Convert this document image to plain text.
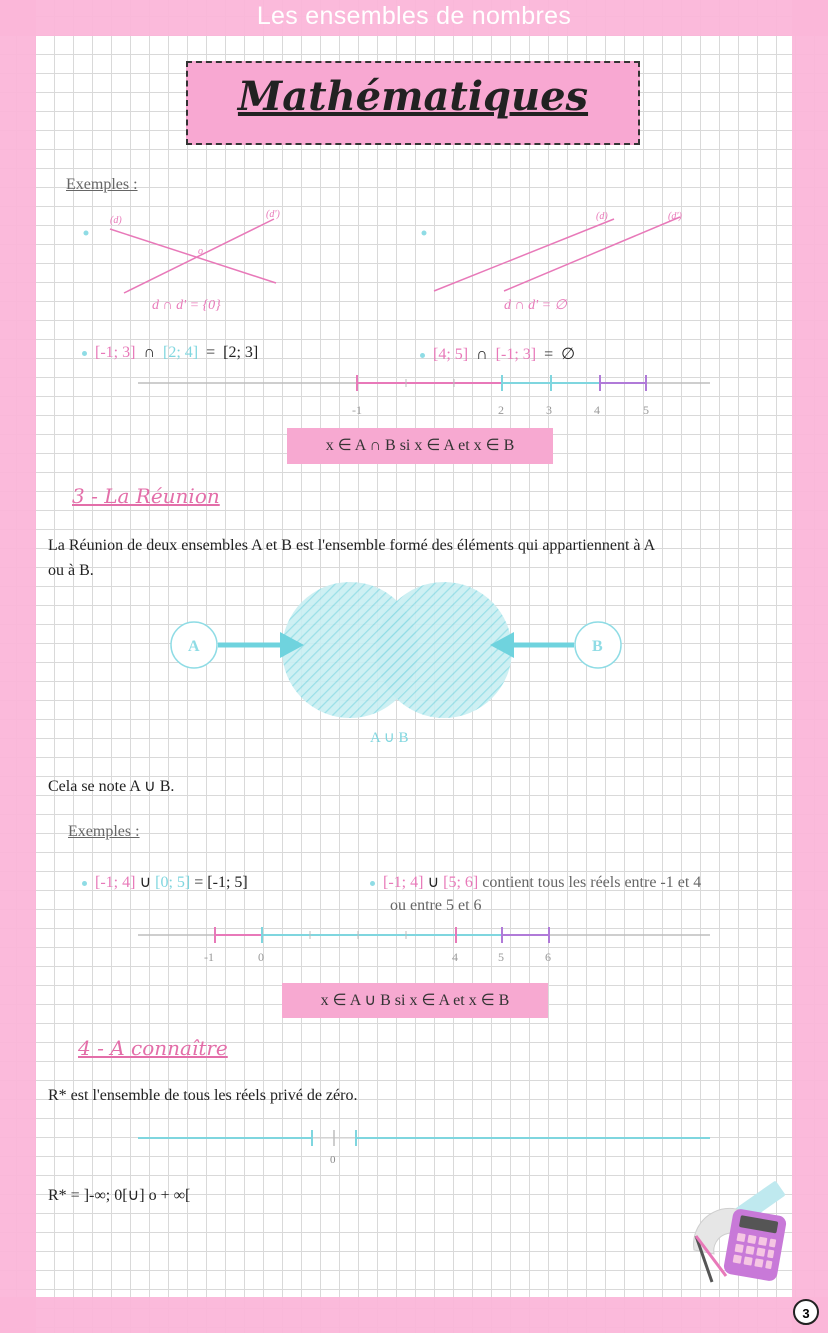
Les ensembles de nombres
Mathématiques
Exemples :
(d)
(d')
o
d ∩ d' = {0}
(d)	(d')
d ∩ d' = ∅
[-1; 3] ∩ [2; 4] = [2; 3]	[4; 5] ∩ [-1; 3] = ∅
-1	2	3	4	5
x ∈ A ∩ B si x ∈ A et x ∈ B
3 - La Réunion
La Réunion de deux ensembles A et B est l'ensemble formé des éléments qui appartiennent à A
ou à B.
A	B
A ∪ B
Cela se note A ∪ B.
Exemples :
[-1; 4] ∪ [0; 5] = [-1; 5]	[-1; 4] ∪ [5; 6] contient tous les réels entre -1 et 4
ou entre 5 et 6
-1	0	4	5	6
x ∈ A ∪ B si x ∈ A et x ∈ B
4 - A connaître
R* est l'ensemble de tous les réels privé de zéro.
0
R* = ]-∞; 0[∪] o + ∞[
3
